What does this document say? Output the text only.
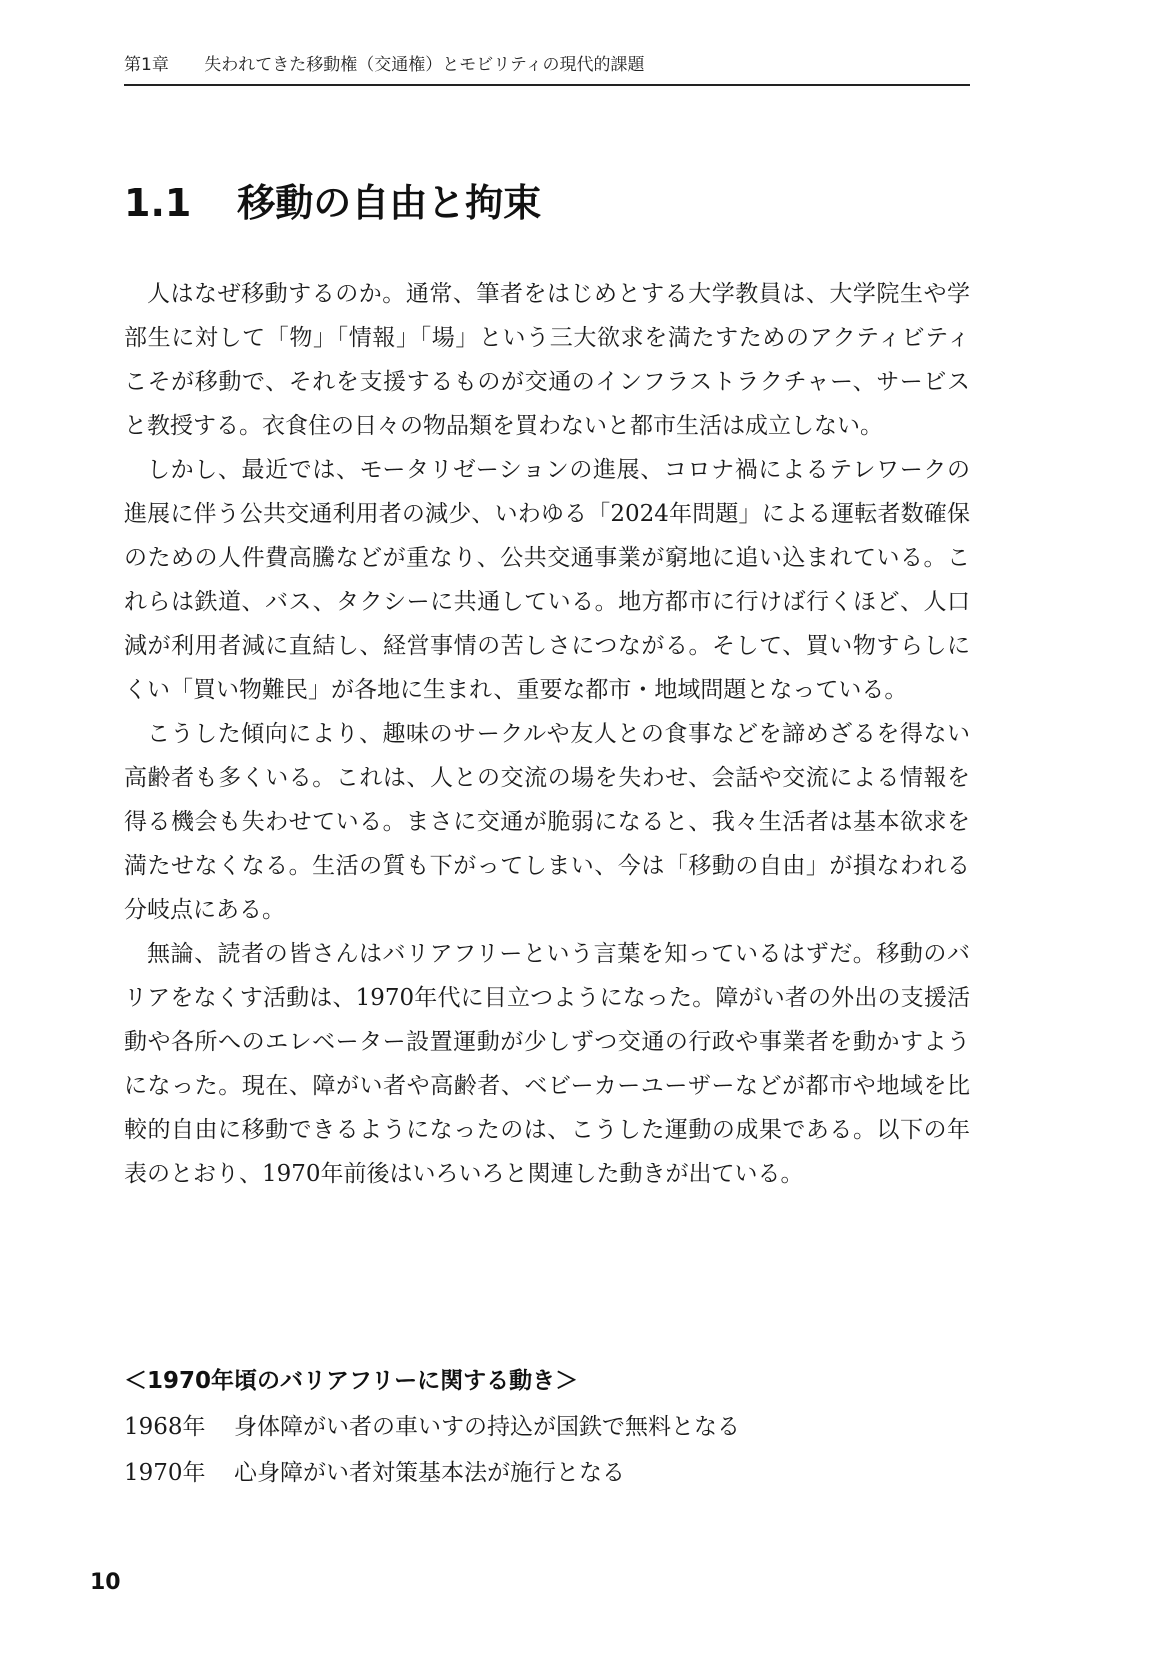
第1章 失われてきた移動権（交通権）とモビリティの現代的課題
1.1 移動の自由と拘束

人はなぜ移動するのか。通常、筆者をはじめとする大学教員は、大学院生や学部生に対して「物」「情報」「場」という三大欲求を満たすためのアクティビティこそが移動で、それを支援するものが交通のインフラストラクチャー、サービスと教授する。衣食住の日々の物品類を買わないと都市生活は成立しない。

しかし、最近では、モータリゼーションの進展、コロナ禍によるテレワークの進展に伴う公共交通利用者の減少、いわゆる「2024年問題」による運転者数確保のための人件費高騰などが重なり、公共交通事業が窮地に追い込まれている。これらは鉄道、バス、タクシーに共通している。地方都市に行けば行くほど、人口減が利用者減に直結し、経営事情の苦しさにつながる。そして、買い物すらしにくい「買い物難民」が各地に生まれ、重要な都市・地域問題となっている。

こうした傾向により、趣味のサークルや友人との食事などを諦めざるを得ない高齢者も多くいる。これは、人との交流の場を失わせ、会話や交流による情報を得る機会も失わせている。まさに交通が脆弱になると、我々生活者は基本欲求を満たせなくなる。生活の質も下がってしまい、今は「移動の自由」が損なわれる分岐点にある。

無論、読者の皆さんはバリアフリーという言葉を知っているはずだ。移動のバリアをなくす活動は、1970年代に目立つようになった。障がい者の外出の支援活動や各所へのエレベーター設置運動が少しずつ交通の行政や事業者を動かすようになった。現在、障がい者や高齢者、ベビーカーユーザーなどが都市や地域を比較的自由に移動できるようになったのは、こうした運動の成果である。以下の年表のとおり、1970年前後はいろいろと関連した動きが出ている。

＜1970年頃のバリアフリーに関する動き＞
1968年 身体障がい者の車いすの持込が国鉄で無料となる
1970年 心身障がい者対策基本法が施行となる
10
